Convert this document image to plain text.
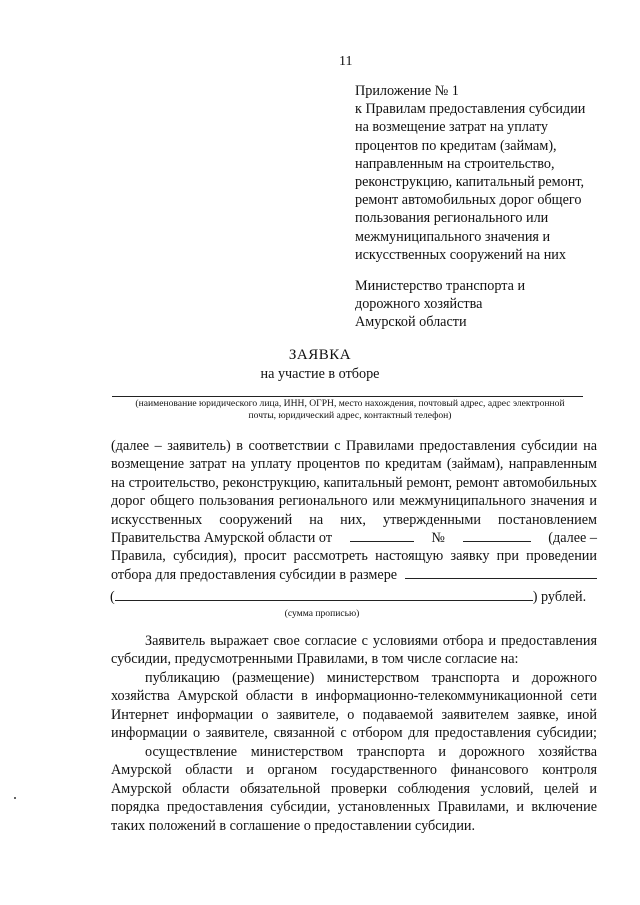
11
Приложение № 1
к Правилам предоставления субсидии
на возмещение затрат на уплату
процентов по кредитам (займам),
направленным на строительство,
реконструкцию, капитальный ремонт,
ремонт автомобильных дорог общего
пользования регионального или
межмуниципального значения и
искусственных сооружений на них
Министерство транспорта и
дорожного хозяйства
Амурской области
ЗАЯВКА
на участие в отборе
(наименование юридического лица, ИНН, ОГРН, место нахождения, почтовый адрес, адрес электронной
почты, юридический адрес, контактный телефон)
(далее – заявитель) в соответствии с Правилами предоставления субсидии на
возмещение затрат на уплату процентов по кредитам (займам), направленным
на строительство, реконструкцию, капитальный ремонт, ремонт автомобильных
дорог общего пользования регионального или межмуниципального значения и
искусственных сооружений на них, утвержденными постановлением
Правительства Амурской области от	№	(далее –
Правила, субсидия), просит рассмотреть настоящую заявку при проведении
отбора для предоставления субсидии в размере
(	) рублей.
(сумма прописью)
Заявитель выражает свое согласие с условиями отбора и предоставления
субсидии, предусмотренными Правилами, в том числе согласие на:
публикацию (размещение) министерством транспорта и дорожного
хозяйства Амурской области в информационно-телекоммуникационной сети
Интернет информации о заявителе, о подаваемой заявителем заявке, иной
информации о заявителе, связанной с отбором для предоставления субсидии;
осуществление министерством транспорта и дорожного хозяйства
Амурской области и органом государственного финансового контроля
Амурской области обязательной проверки соблюдения условий, целей и
порядка предоставления субсидии, установленных Правилами, и включение
таких положений в соглашение о предоставлении субсидии.
